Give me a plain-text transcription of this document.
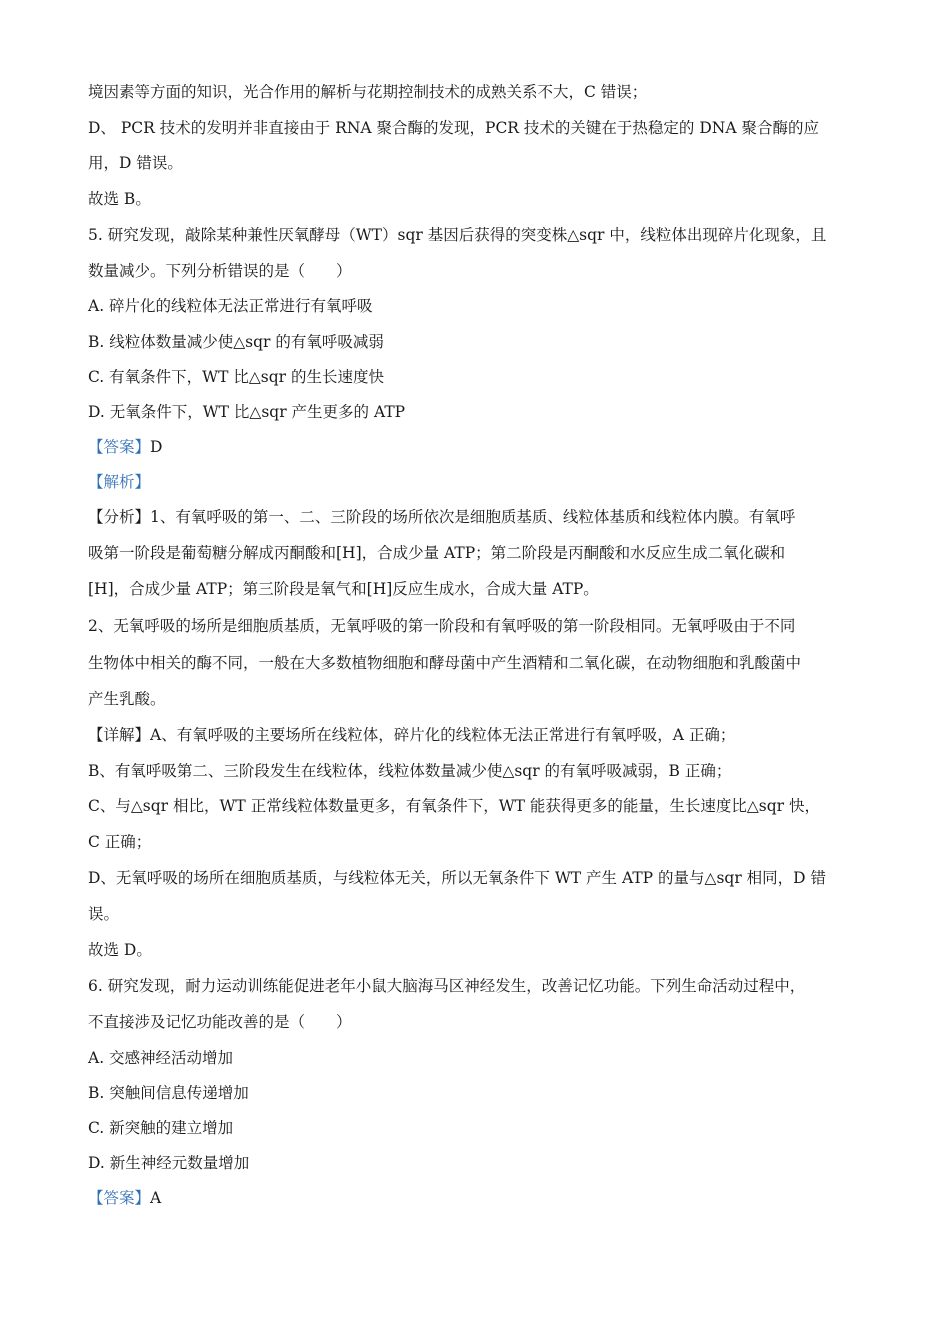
境因素等方面的知识，光合作用的解析与花期控制技术的成熟关系不大，C 错误；
D、 PCR 技术的发明并非直接由于 RNA 聚合酶的发现，PCR 技术的关键在于热稳定的 DNA 聚合酶的应
用，D 错误。
故选 B。
5. 研究发现，敲除某种兼性厌氧酵母（WT）sqr 基因后获得的突变株△sqr 中，线粒体出现碎片化现象，且
数量减少。下列分析错误的是（　　）
A. 碎片化的线粒体无法正常进行有氧呼吸
B. 线粒体数量减少使△sqr 的有氧呼吸减弱
C. 有氧条件下，WT 比△sqr 的生长速度快
D. 无氧条件下，WT 比△sqr 产生更多的 ATP
【答案】D
【解析】
【分析】1、有氧呼吸的第一、二、三阶段的场所依次是细胞质基质、线粒体基质和线粒体内膜。有氧呼
吸第一阶段是葡萄糖分解成丙酮酸和[H]，合成少量 ATP；第二阶段是丙酮酸和水反应生成二氧化碳和
[H]，合成少量 ATP；第三阶段是氧气和[H]反应生成水，合成大量 ATP。
2、无氧呼吸的场所是细胞质基质，无氧呼吸的第一阶段和有氧呼吸的第一阶段相同。无氧呼吸由于不同
生物体中相关的酶不同，一般在大多数植物细胞和酵母菌中产生酒精和二氧化碳，在动物细胞和乳酸菌中
产生乳酸。
【详解】A、有氧呼吸的主要场所在线粒体，碎片化的线粒体无法正常进行有氧呼吸，A 正确；
B、有氧呼吸第二、三阶段发生在线粒体，线粒体数量减少使△sqr 的有氧呼吸减弱，B 正确；
C、与△sqr 相比，WT 正常线粒体数量更多，有氧条件下，WT 能获得更多的能量，生长速度比△sqr 快，
C 正确；
D、无氧呼吸的场所在细胞质基质，与线粒体无关，所以无氧条件下 WT 产生 ATP 的量与△sqr 相同，D 错
误。
故选 D。
6. 研究发现，耐力运动训练能促进老年小鼠大脑海马区神经发生，改善记忆功能。下列生命活动过程中，
不直接涉及记忆功能改善的是（　　）
A. 交感神经活动增加
B. 突触间信息传递增加
C. 新突触的建立增加
D. 新生神经元数量增加
【答案】A
